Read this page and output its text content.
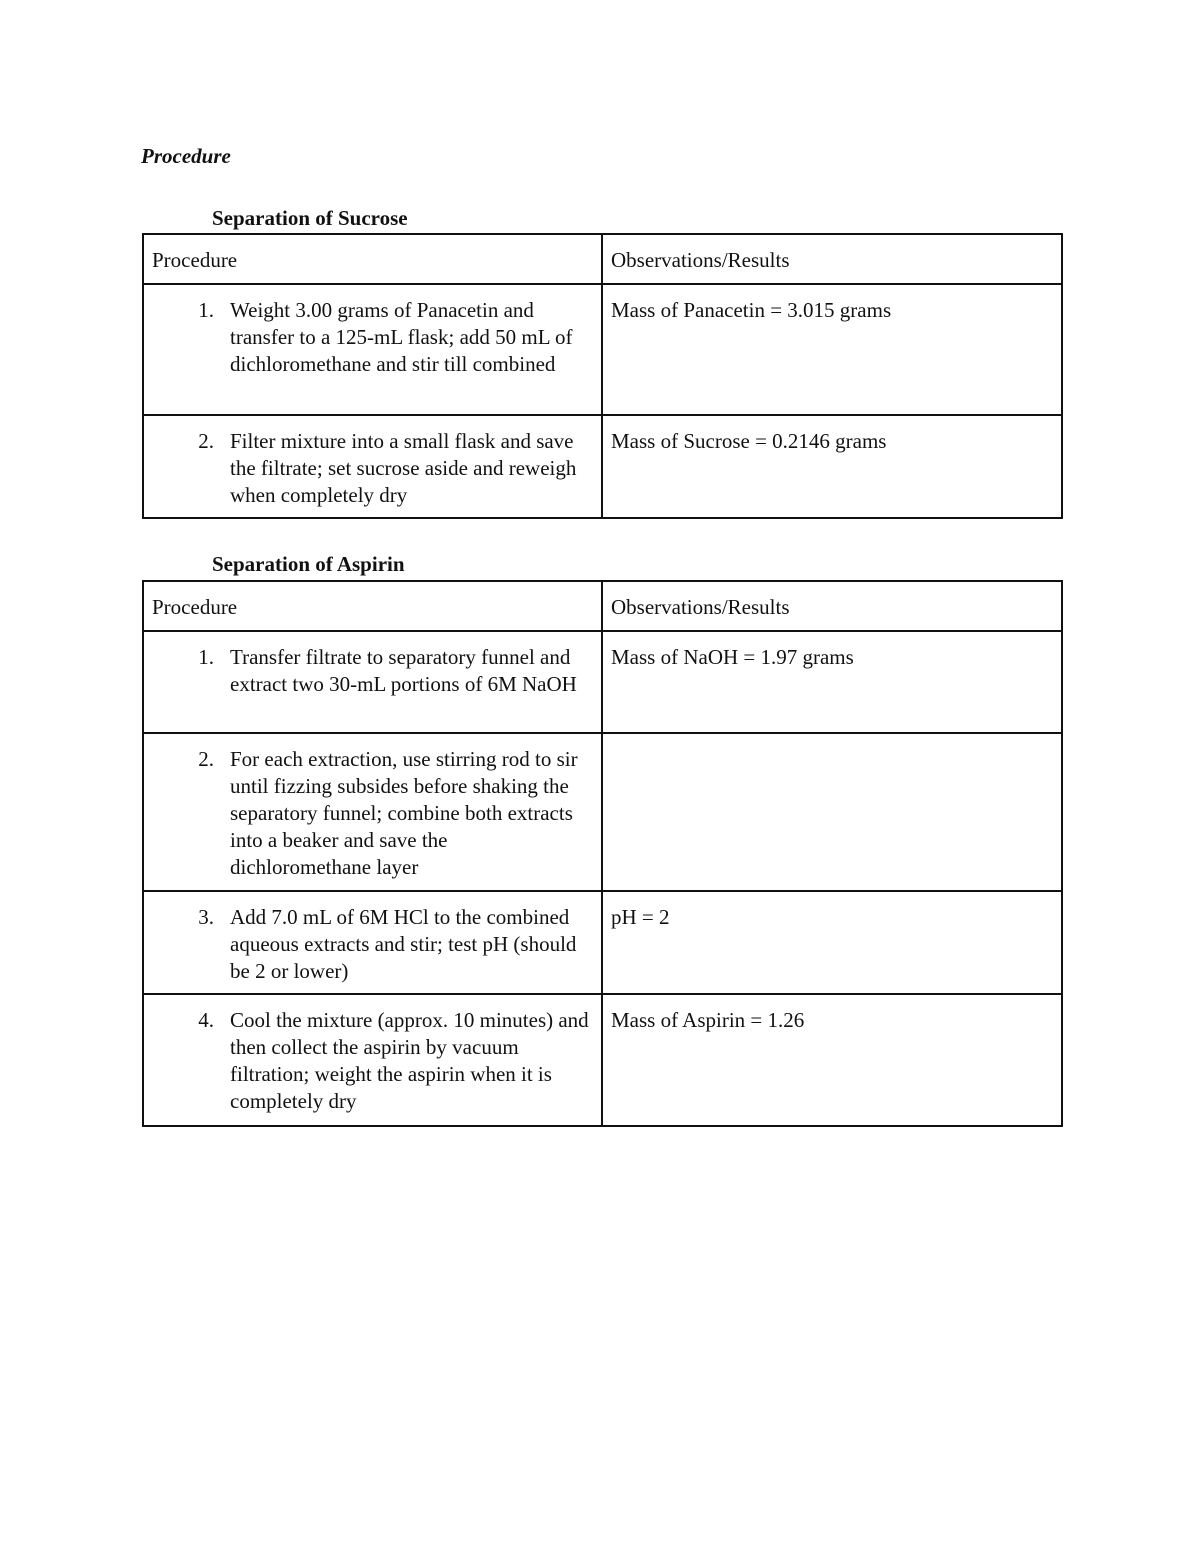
Procedure
Separation of Sucrose
Procedure	Observations/Results

1. Weight 3.00 grams of Panacetin and transfer to a 125-mL flask; add 50 mL of dichloromethane and stir till combined	Mass of Panacetin = 3.015 grams

2. Filter mixture into a small flask and save the filtrate; set sucrose aside and reweigh when completely dry	Mass of Sucrose = 0.2146 grams
Separation of Aspirin
Procedure	Observations/Results

1. Transfer filtrate to separatory funnel and extract two 30-mL portions of 6M NaOH	Mass of NaOH = 1.97 grams

2. For each extraction, use stirring rod to sir until fizzing subsides before shaking the separatory funnel; combine both extracts into a beaker and save the dichloromethane layer	

3. Add 7.0 mL of 6M HCl to the combined aqueous extracts and stir; test pH (should be 2 or lower)	pH = 2

4. Cool the mixture (approx. 10 minutes) and then collect the aspirin by vacuum filtration; weight the aspirin when it is completely dry	Mass of Aspirin = 1.26
